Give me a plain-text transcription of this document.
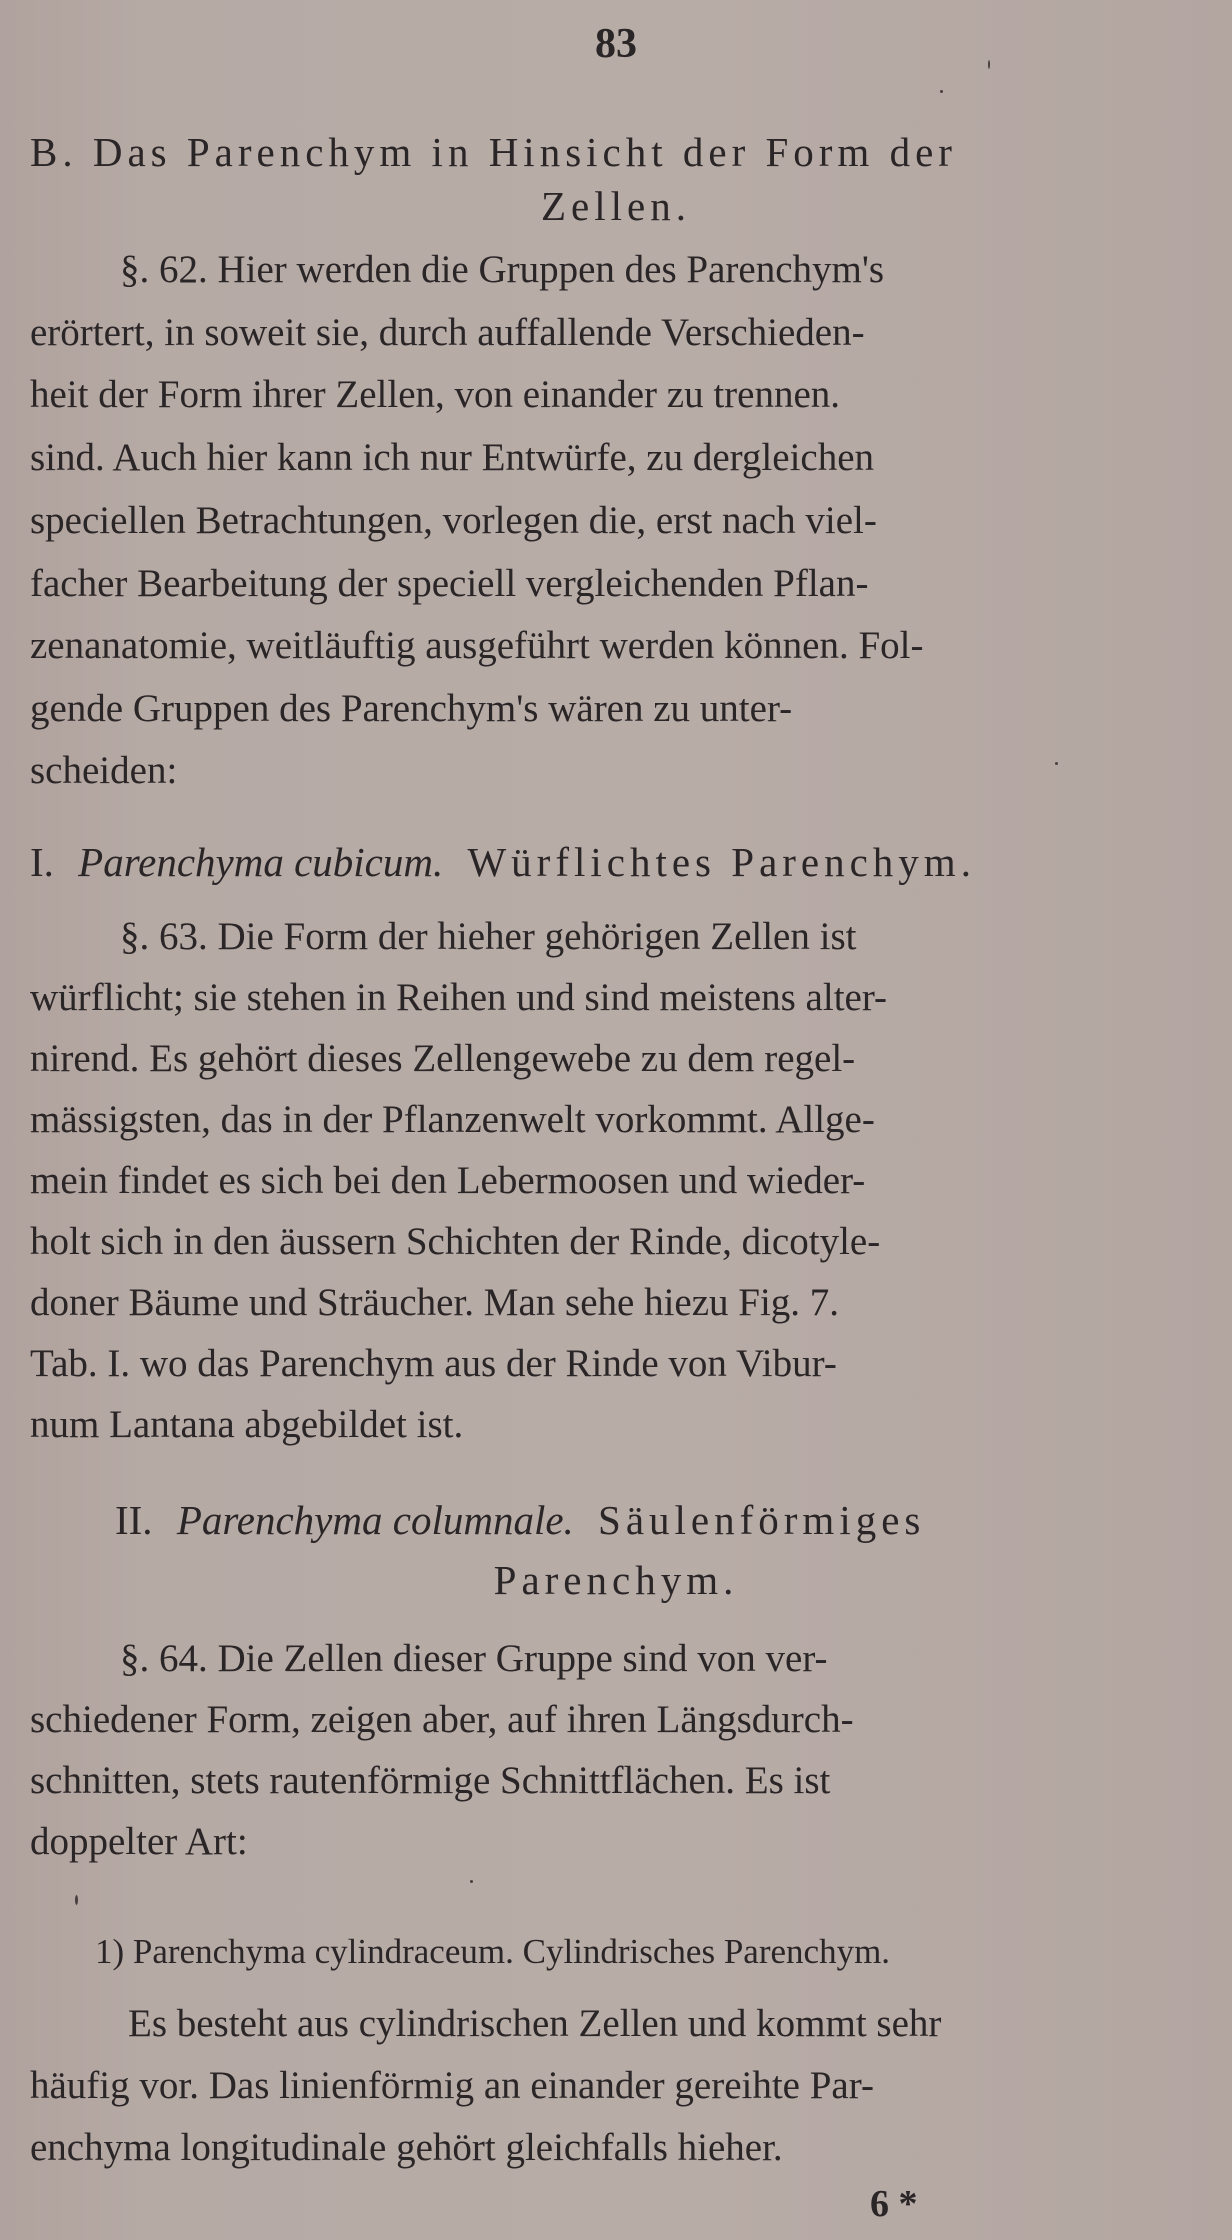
83
B. Das Parenchym in Hinsicht der Form der
Zellen.
§. 62. Hier werden die Gruppen des Parenchym's
erörtert, in soweit sie, durch auffallende Verschieden-
heit der Form ihrer Zellen, von einander zu trennen.
sind. Auch hier kann ich nur Entwürfe, zu dergleichen
speciellen Betrachtungen, vorlegen die, erst nach viel-
facher Bearbeitung der speciell vergleichenden Pflan-
zenanatomie, weitläuftig ausgeführt werden können. Fol-
gende Gruppen des Parenchym's wären zu unter-
scheiden:
I. Parenchyma cubicum. Würflichtes Parenchym.
§. 63. Die Form der hieher gehörigen Zellen ist
würflicht; sie stehen in Reihen und sind meistens alter-
nirend. Es gehört dieses Zellengewebe zu dem regel-
mässigsten, das in der Pflanzenwelt vorkommt. Allge-
mein findet es sich bei den Lebermoosen und wieder-
holt sich in den äussern Schichten der Rinde, dicotyle-
doner Bäume und Sträucher. Man sehe hiezu Fig. 7.
Tab. I. wo das Parenchym aus der Rinde von Vibur-
num Lantana abgebildet ist.
II. Parenchyma columnale. Säulenförmiges
Parenchym.
§. 64. Die Zellen dieser Gruppe sind von ver-
schiedener Form, zeigen aber, auf ihren Längsdurch-
schnitten, stets rautenförmige Schnittflächen. Es ist
doppelter Art:
1) Parenchyma cylindraceum. Cylindrisches Parenchym.
Es besteht aus cylindrischen Zellen und kommt sehr
häufig vor. Das linienförmig an einander gereihte Par-
enchyma longitudinale gehört gleichfalls hieher.
6 *
